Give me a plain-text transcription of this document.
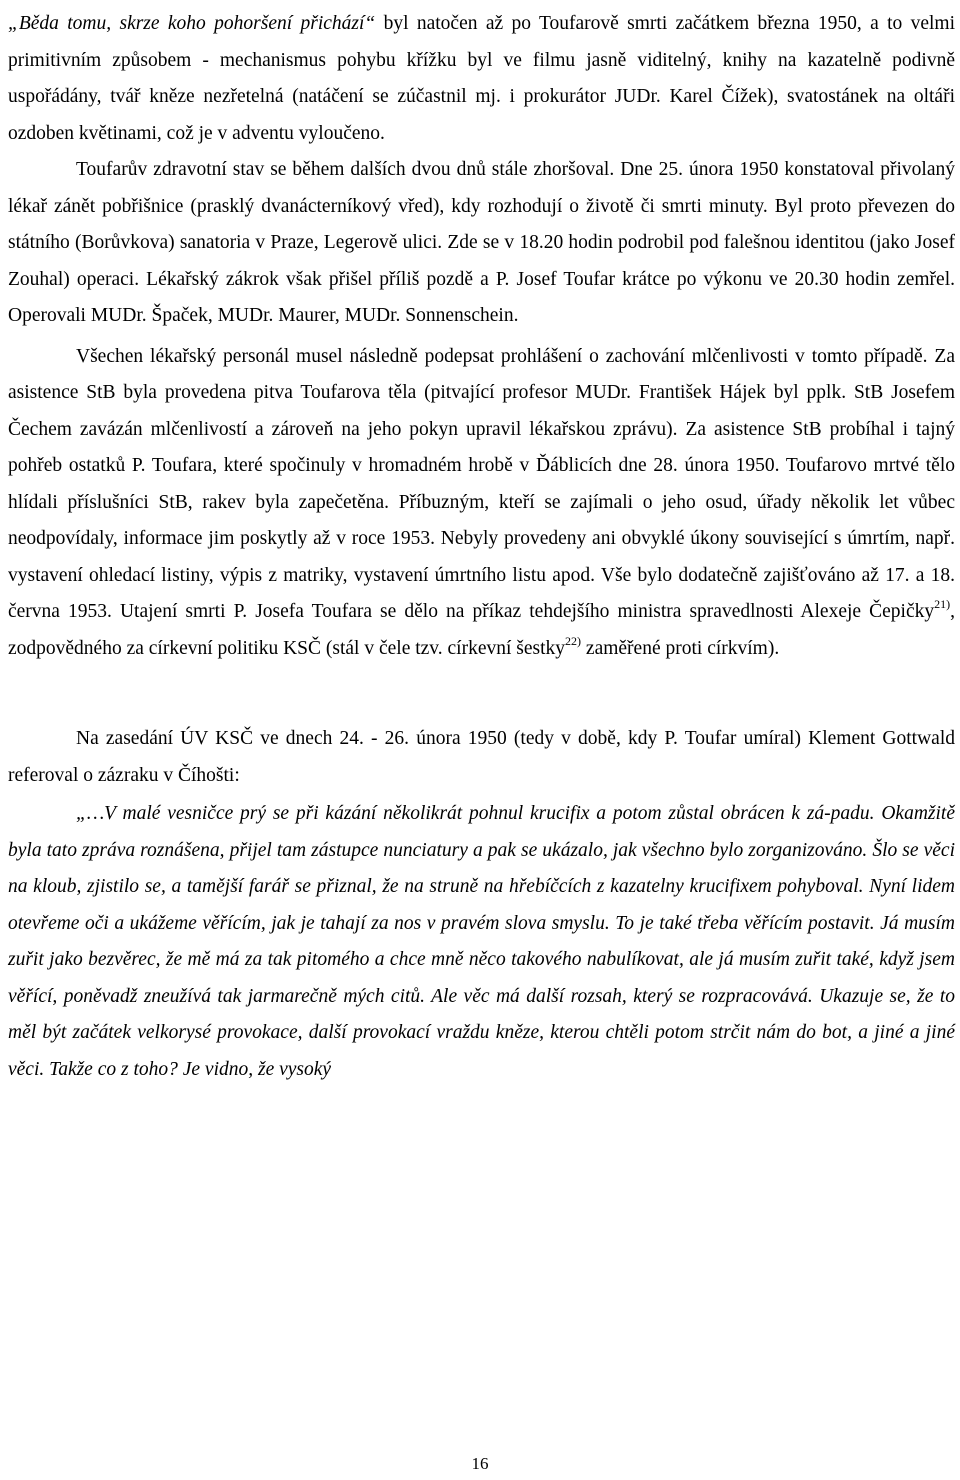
„Běda tomu, skrze koho pohoršení přichází“ byl natočen až po Toufarově smrti začátkem března 1950, a to velmi primitivním způsobem - mechanismus pohybu křížku byl ve filmu jasně viditelný, knihy na kazatelně podivně uspořádány, tvář kněze nezřetelná (natáčení se zúčastnil mj. i prokurátor JUDr. Karel Čížek), svatostánek na oltáři ozdoben květinami, což je v adventu vyloučeno.

Toufarův zdravotní stav se během dalších dvou dnů stále zhoršoval. Dne 25. února 1950 konstatoval přivolaný lékař zánět pobřišnice (prasklý dvanácterníkový vřed), kdy rozhodují o životě či smrti minuty. Byl proto převezen do státního (Borůvkova) sanatoria v Praze, Legerově ulici. Zde se v 18.20 hodin podrobil pod falešnou identitou (jako Josef Zouhal) operaci. Lékařský zákrok však přišel příliš pozdě a P. Josef Toufar krátce po výkonu ve 20.30 hodin zemřel. Operovali MUDr. Špaček, MUDr. Maurer, MUDr. Sonnenschein.

Všechen lékařský personál musel následně podepsat prohlášení o zachování mlčenlivosti v tomto případě. Za asistence StB byla provedena pitva Toufarova těla (pitvající profesor MUDr. František Hájek byl pplk. StB Josefem Čechem zavázán mlčenlivostí a zároveň na jeho pokyn upravil lékařskou zprávu). Za asistence StB probíhal i tajný pohřeb ostatků P. Toufara, které spočinuly v hromadném hrobě v Ďáblicích dne 28. února 1950. Toufarovo mrtvé tělo hlídali příslušníci StB, rakev byla zapečetěna. Příbuzným, kteří se zajímali o jeho osud, úřady několik let vůbec neodpovídaly, informace jim poskytly až v roce 1953. Nebyly provedeny ani obvyklé úkony související s úmrtím, např. vystavení ohledací listiny, výpis z matriky, vystavení úmrtního listu apod. Vše bylo dodatečně zajišťováno až 17. a 18. června 1953. Utajení smrti P. Josefa Toufara se dělo na příkaz tehdejšího ministra spravedlnosti Alexeje Čepičky$^{21)}$, zodpovědného za církevní politiku KSČ (stál v čele tzv. církevní šestky$^{22)}$ zaměřené proti církvím).

Na zasedání ÚV KSČ ve dnech 24. - 26. února 1950 (tedy v době, kdy P. Toufar umíral) Klement Gottwald referoval o zázraku v Číhošti:

„…V malé vesničce prý se při kázání několikrát pohnul krucifix a potom zůstal obrácen k zá-padu. Okamžitě byla tato zpráva roznášena, přijel tam zástupce nunciatury a pak se ukázalo, jak všechno bylo zorganizováno. Šlo se věci na kloub, zjistilo se, a tamější farář se přiznal, že na struně na hřebíčcích z kazatelny krucifixem pohyboval. Nyní lidem otevřeme oči a ukážeme věřícím, jak je tahají za nos v pravém slova smyslu. To je také třeba věřícím postavit. Já musím zuřit jako bezvěrec, že mě má za tak pitomého a chce mně něco takového nabulíkovat, ale já musím zuřit také, když jsem věřící, poněvadž zneužívá tak jarmarečně mých citů. Ale věc má další rozsah, který se rozpracovává. Ukazuje se, že to měl být začátek velkorysé provokace, další provokací vraždu kněze, kterou chtěli potom strčit nám do bot, a jiné a jiné věci. Takže co z toho? Je vidno, že vysoký

16
